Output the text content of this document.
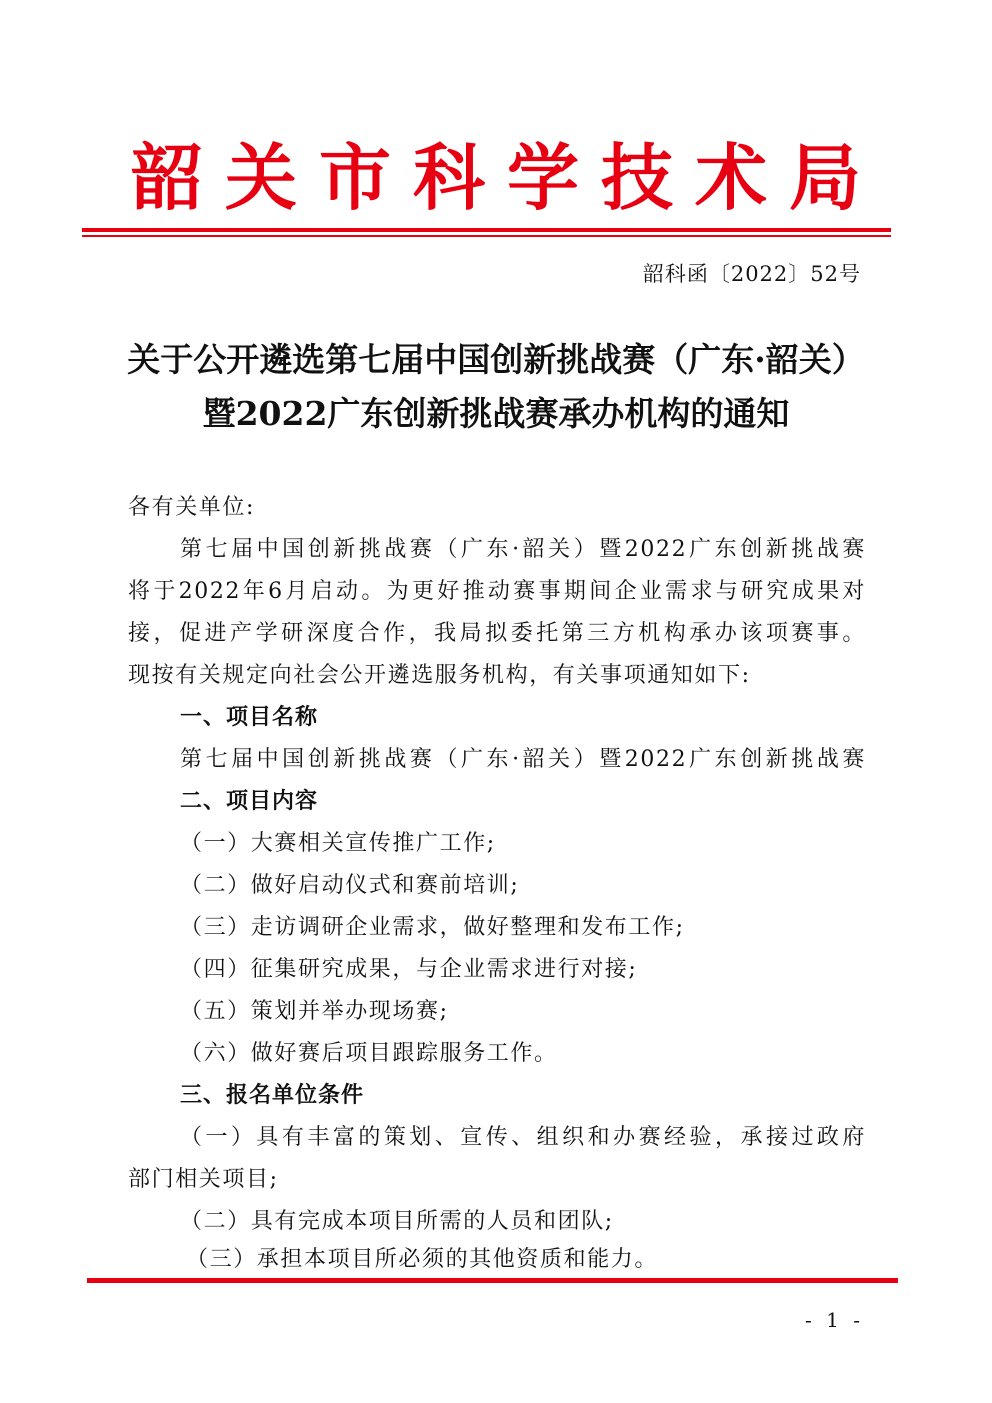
韶关市科学技术局
韶科函〔2022〕52号
关于公开遴选第七届中国创新挑战赛（广东·韶关）
暨2022广东创新挑战赛承办机构的通知
各有关单位:
第七届中国创新挑战赛（广东·韶关）暨2022广东创新挑战赛
将于2022年6月启动。为更好推动赛事期间企业需求与研究成果对
接，促进产学研深度合作，我局拟委托第三方机构承办该项赛事。
现按有关规定向社会公开遴选服务机构，有关事项通知如下:
一、项目名称
第七届中国创新挑战赛（广东·韶关）暨2022广东创新挑战赛
二、项目内容
（一）大赛相关宣传推广工作;
（二）做好启动仪式和赛前培训;
（三）走访调研企业需求，做好整理和发布工作;
（四）征集研究成果，与企业需求进行对接;
（五）策划并举办现场赛;
（六）做好赛后项目跟踪服务工作。
三、报名单位条件
（一）具有丰富的策划、宣传、组织和办赛经验，承接过政府
部门相关项目;
（二）具有完成本项目所需的人员和团队;
（三）承担本项目所必须的其他资质和能力。
- 1 -
